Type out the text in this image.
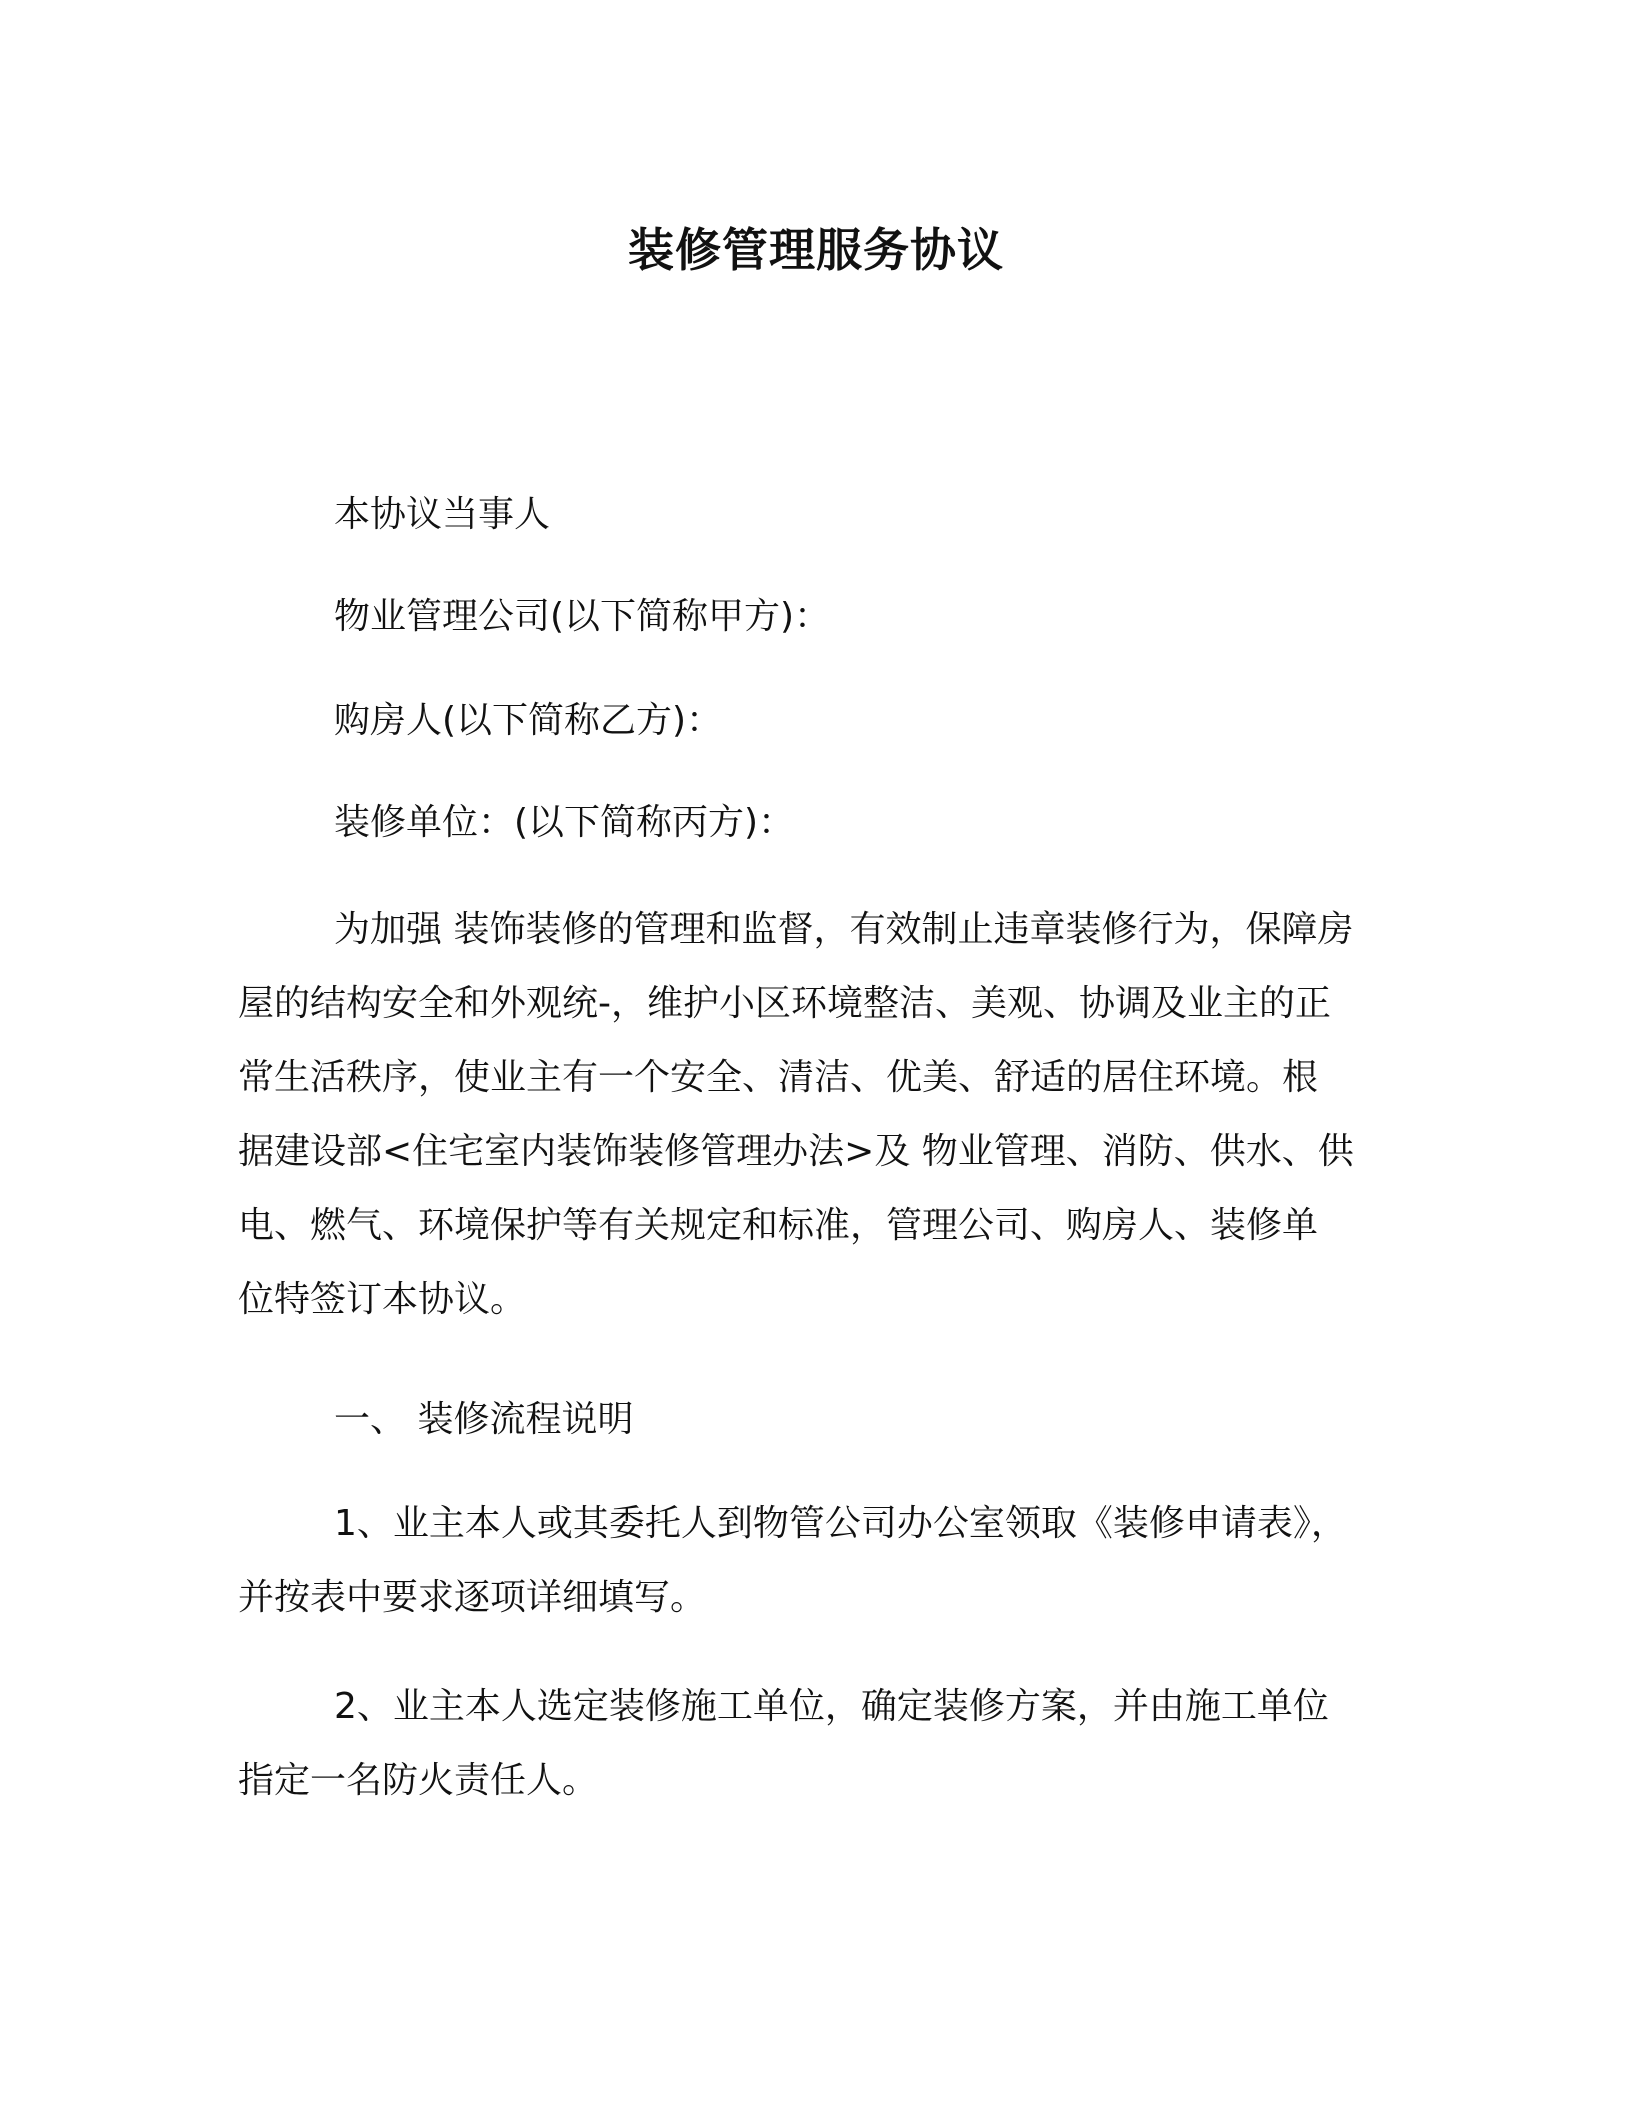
装修管理服务协议

本协议当事人

物业管理公司(以下简称甲方)：

购房人(以下简称乙方)：

装修单位：(以下简称丙方)：

为加强 装饰装修的管理和监督，有效制止违章装修行为，保障房
屋的结构安全和外观统-，维护小区环境整洁、美观、协调及业主的正
常生活秩序，使业主有一个安全、清洁、优美、舒适的居住环境。根
据建设部<住宅室内装饰装修管理办法>及 物业管理、消防、供水、供
电、燃气、环境保护等有关规定和标准，管理公司、购房人、装修单
位特签订本协议。

一、 装修流程说明

1、业主本人或其委托人到物管公司办公室领取《装修申请表》，
并按表中要求逐项详细填写。

2、业主本人选定装修施工单位，确定装修方案，并由施工单位
指定一名防火责任人。
